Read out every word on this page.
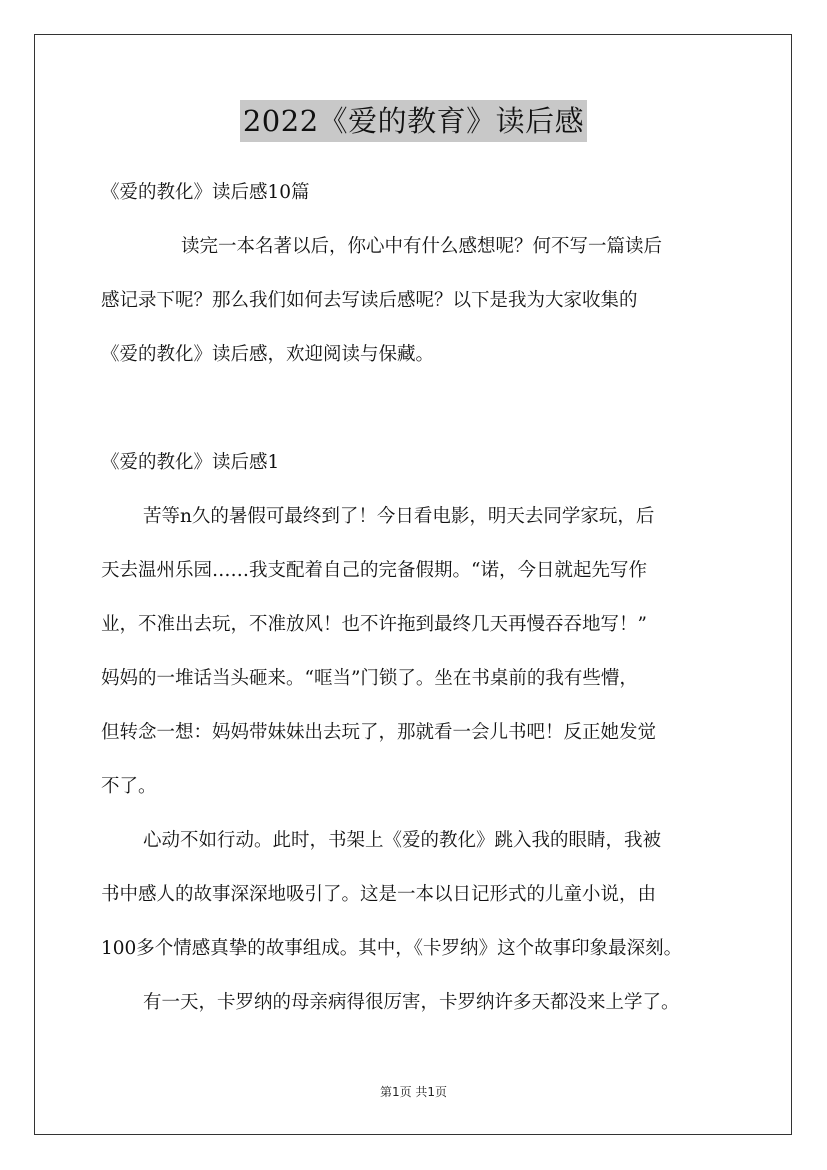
2022《爱的教育》读后感
《爱的教化》读后感10篇
读完一本名著以后，你心中有什么感想呢？何不写一篇读后
感记录下呢？那么我们如何去写读后感呢？以下是我为大家收集的
《爱的教化》读后感，欢迎阅读与保藏。
《爱的教化》读后感1
苦等n久的暑假可最终到了！今日看电影，明天去同学家玩，后
天去温州乐园……我支配着自己的完备假期。“诺，今日就起先写作
业，不准出去玩，不准放风！也不许拖到最终几天再慢吞吞地写！”
妈妈的一堆话当头砸来。“哐当”门锁了。坐在书桌前的我有些懵，
但转念一想：妈妈带妹妹出去玩了，那就看一会儿书吧！反正她发觉
不了。
心动不如行动。此时，书架上《爱的教化》跳入我的眼睛，我被
书中感人的故事深深地吸引了。这是一本以日记形式的儿童小说，由
100多个情感真挚的故事组成。其中，《卡罗纳》这个故事印象最深刻。
有一天，卡罗纳的母亲病得很厉害，卡罗纳许多天都没来上学了。
第1页 共1页
